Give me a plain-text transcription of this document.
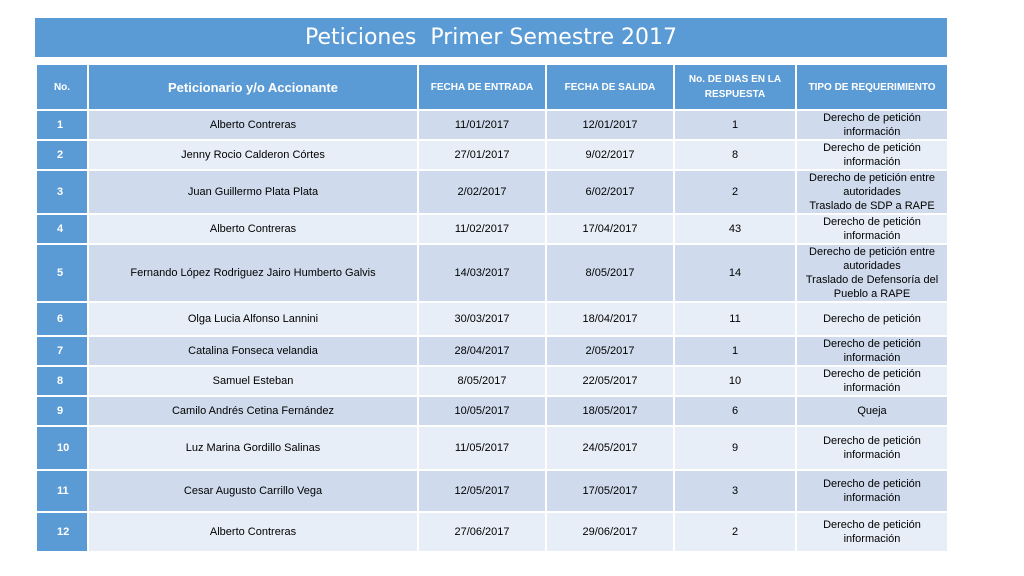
Peticiones  Primer Semestre 2017
No.	Peticionario y/o Accionante	FECHA DE ENTRADA	FECHA DE SALIDA	No. DE DIAS EN LA RESPUESTA	TIPO DE REQUERIMIENTO
1	Alberto Contreras	11/01/2017	12/01/2017	1	Derecho de petición
información

2	Jenny Rocio Calderon Córtes	27/01/2017	9/02/2017	8	Derecho de petición
información

3	Juan Guillermo Plata Plata	2/02/2017	6/02/2017	2	Derecho de petición entre
autoridades
Traslado de SDP a RAPE

4	Alberto Contreras	11/02/2017	17/04/2017	43	Derecho de petición
información

5	Fernando López Rodriguez Jairo Humberto Galvis	14/03/2017	8/05/2017	14	Derecho de petición entre
autoridades
Traslado de Defensoría del
Pueblo a RAPE

6	Olga Lucia Alfonso Lannini	30/03/2017	18/04/2017	11	Derecho de petición

7	Catalina Fonseca velandia	28/04/2017	2/05/2017	1	Derecho de petición
información

8	Samuel Esteban	8/05/2017	22/05/2017	10	Derecho de petición
información

9	Camilo Andrés Cetina Fernández	10/05/2017	18/05/2017	6	Queja

10	Luz Marina Gordillo Salinas	11/05/2017	24/05/2017	9	Derecho de petición
información

11	Cesar Augusto Carrillo Vega	12/05/2017	17/05/2017	3	Derecho de petición
información

12	Alberto Contreras	27/06/2017	29/06/2017	2	Derecho de petición
información
